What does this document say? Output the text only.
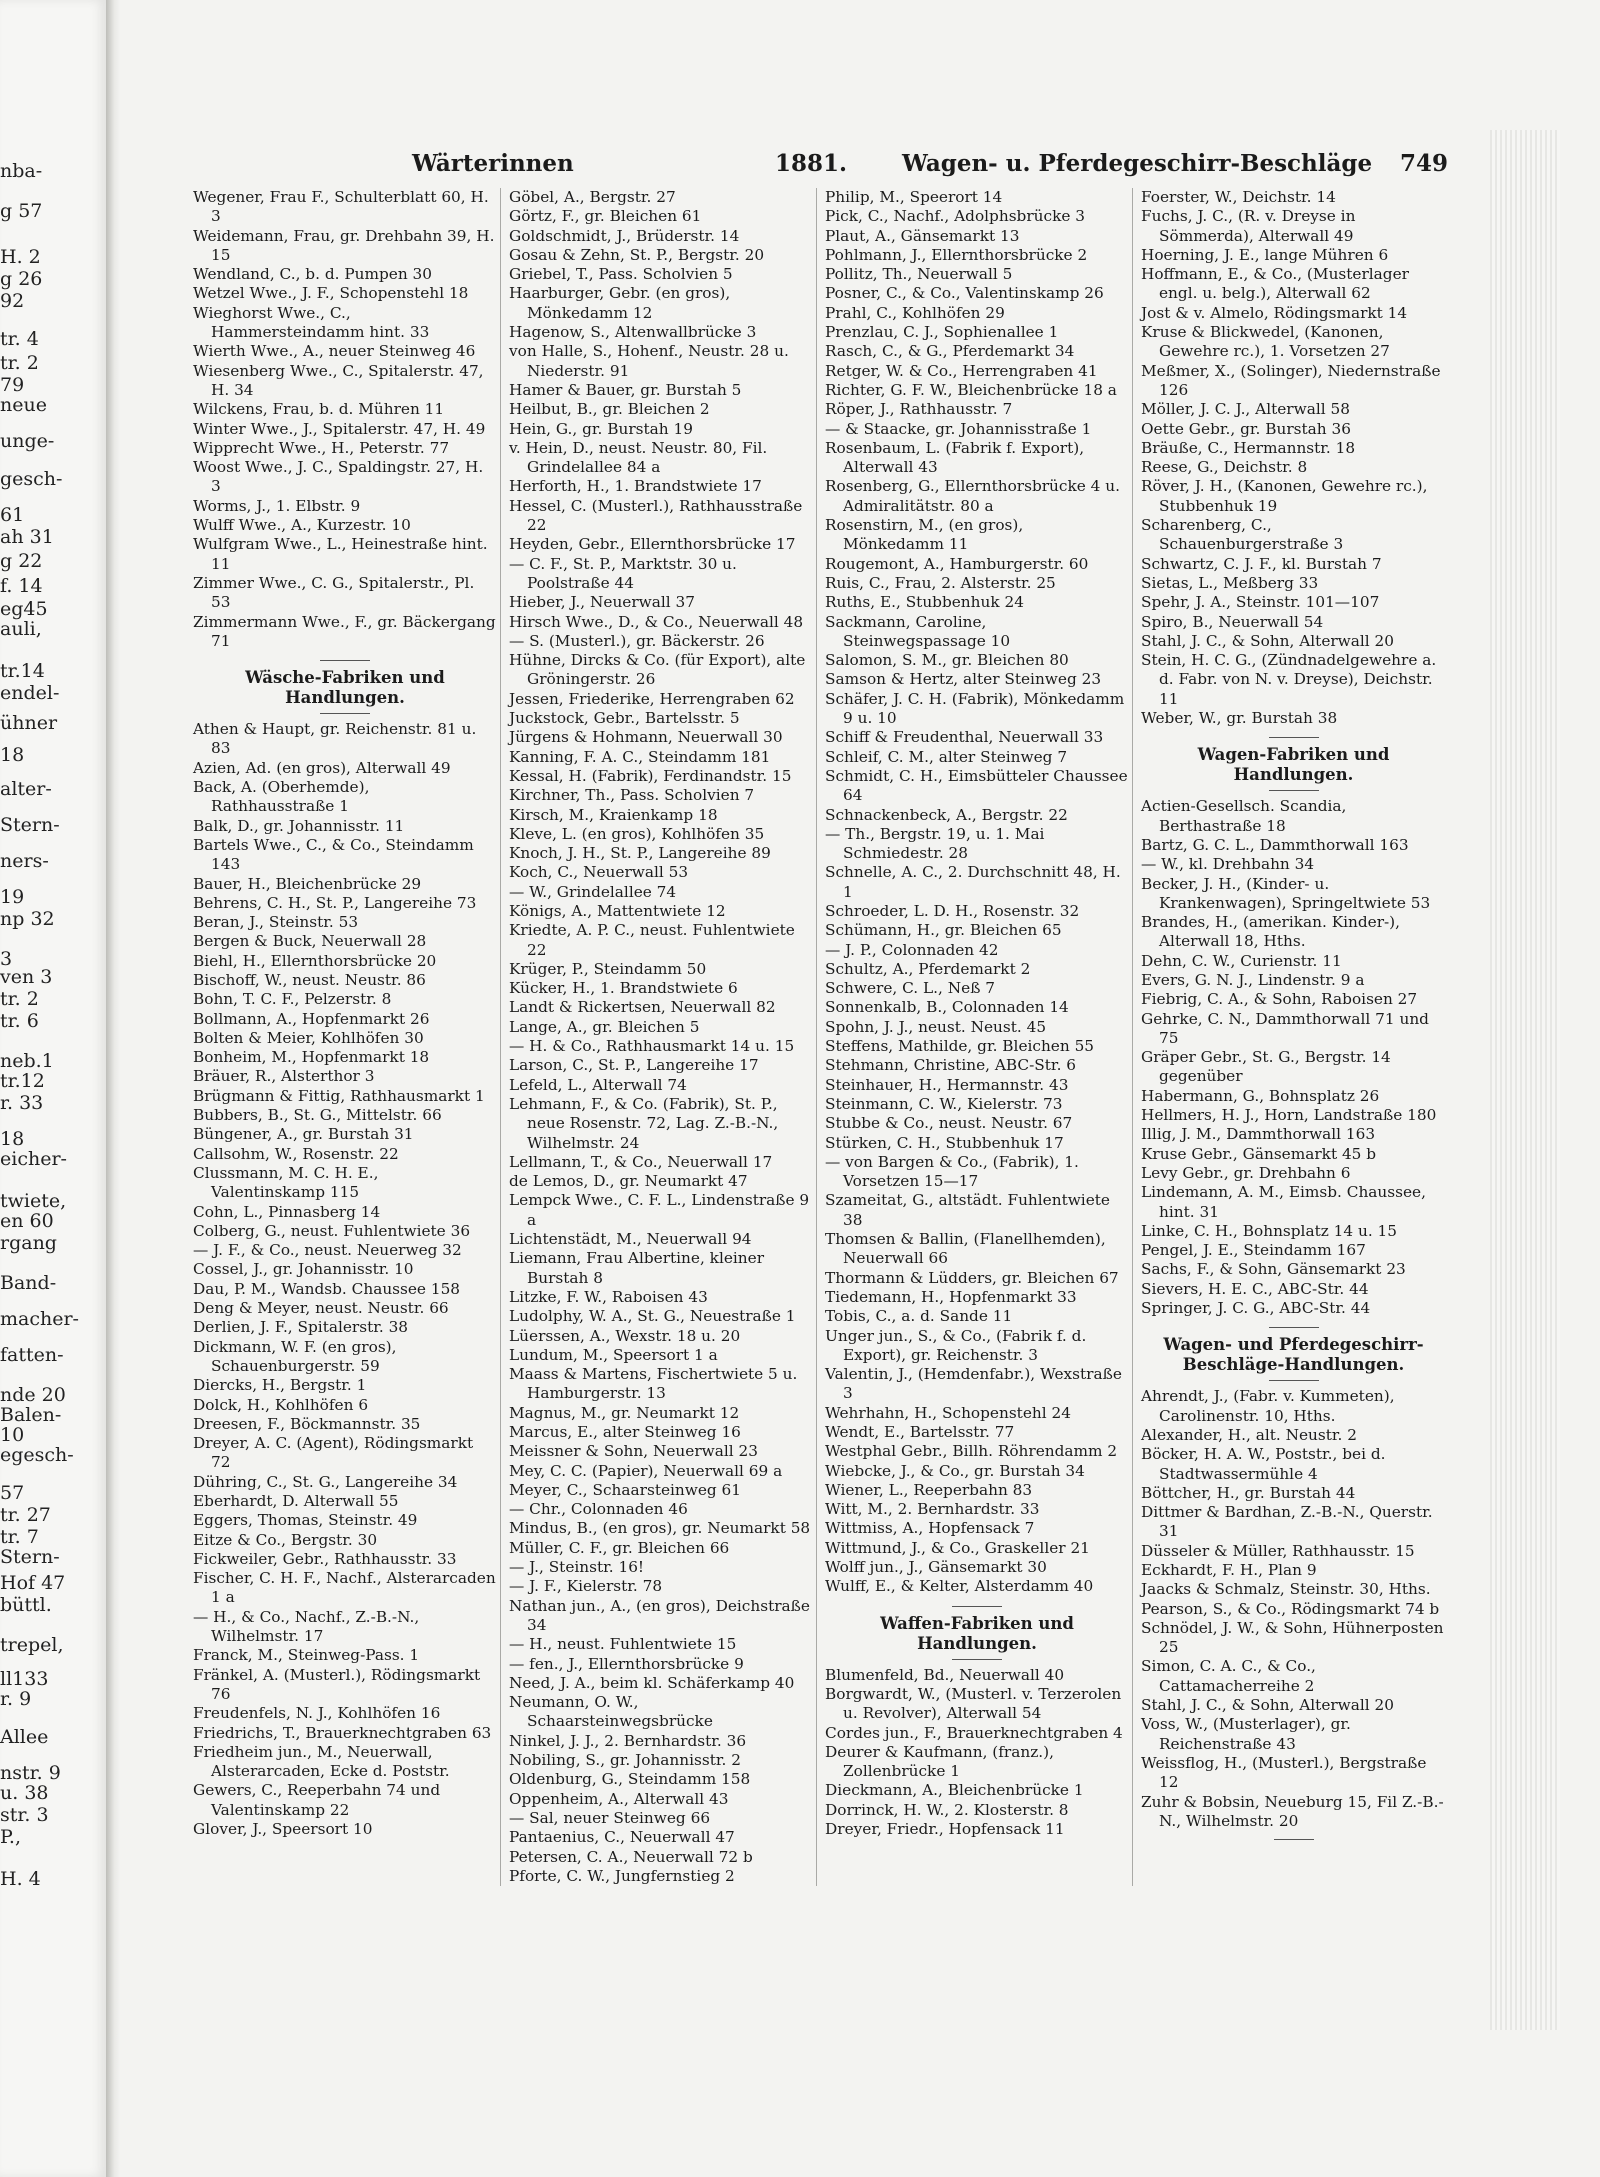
nba-
g 57
H. 2
g 26
92
tr. 4
tr. 2
79
neue
unge-
gesch-
61
ah 31
g 22
f. 14
eg45
auli,
tr.14
endel-
ühner
18
alter-
Stern-
ners-
19
np 32
3
ven 3
tr. 2
tr. 6
neb.1
tr.12
r. 33
18
eicher-
twiete,
en 60
rgang
Band-
macher-
fatten-
nde 20
Balen-
10
egesch-
57
tr. 27
tr. 7
Stern-
Hof 47
büttl.
trepel,
ll133
r. 9
Allee
nstr. 9
u. 38
str. 3
P.,
H. 4
Wärterinnen	1881. Wagen- u. Pferdegeschirr-Beschläge 749
Wegener, Frau F., Schulterblatt 60, H. 3
Weidemann, Frau, gr. Drehbahn 39, H. 15
Wendland, C., b. d. Pumpen 30
Wetzel Wwe., J. F., Schopenstehl 18
Wieghorst Wwe., C., Hammersteindamm hint. 33
Wierth Wwe., A., neuer Steinweg 46
Wiesenberg Wwe., C., Spitalerstr. 47, H. 34
Wilckens, Frau, b. d. Mühren 11
Winter Wwe., J., Spitalerstr. 47, H. 49
Wipprecht Wwe., H., Peterstr. 77
Woost Wwe., J. C., Spaldingstr. 27, H. 3
Worms, J., 1. Elbstr. 9
Wulff Wwe., A., Kurzestr. 10
Wulfgram Wwe., L., Heinestraße hint. 11
Zimmer Wwe., C. G., Spitalerstr., Pl. 53
Zimmermann Wwe., F., gr. Bäckergang 71
Wäsche-Fabriken und Handlungen.
Athen & Haupt, gr. Reichenstr. 81 u. 83
Azien, Ad. (en gros), Alterwall 49
Back, A. (Oberhemde), Rathhausstraße 1
Balk, D., gr. Johannisstr. 11
Bartels Wwe., C., & Co., Steindamm 143
Bauer, H., Bleichenbrücke 29
Behrens, C. H., St. P., Langereihe 73
Beran, J., Steinstr. 53
Bergen & Buck, Neuerwall 28
Biehl, H., Ellernthorsbrücke 20
Bischoff, W., neust. Neustr. 86
Bohn, T. C. F., Pelzerstr. 8
Bollmann, A., Hopfenmarkt 26
Bolten & Meier, Kohlhöfen 30
Bonheim, M., Hopfenmarkt 18
Bräuer, R., Alsterthor 3
Brügmann & Fittig, Rathhausmarkt 1
Bubbers, B., St. G., Mittelstr. 66
Büngener, A., gr. Burstah 31
Callsohm, W., Rosenstr. 22
Clussmann, M. C. H. E., Valentinskamp 115
Cohn, L., Pinnasberg 14
Colberg, G., neust. Fuhlentwiete 36
— J. F., & Co., neust. Neuerweg 32
Cossel, J., gr. Johannisstr. 10
Dau, P. M., Wandsb. Chaussee 158
Deng & Meyer, neust. Neustr. 66
Derlien, J. F., Spitalerstr. 38
Dickmann, W. F. (en gros), Schauenburgerstr. 59
Diercks, H., Bergstr. 1
Dolck, H., Kohlhöfen 6
Dreesen, F., Böckmannstr. 35
Dreyer, A. C. (Agent), Rödingsmarkt 72
Dühring, C., St. G., Langereihe 34
Eberhardt, D. Alterwall 55
Eggers, Thomas, Steinstr. 49
Eitze & Co., Bergstr. 30
Fickweiler, Gebr., Rathhausstr. 33
Fischer, C. H. F., Nachf., Alsterarcaden 1 a
— H., & Co., Nachf., Z.-B.-N., Wilhelmstr. 17
Franck, M., Steinweg-Pass. 1
Fränkel, A. (Musterl.), Rödingsmarkt 76
Freudenfels, N. J., Kohlhöfen 16
Friedrichs, T., Brauerknechtgraben 63
Friedheim jun., M., Neuerwall, Alsterarcaden, Ecke d. Poststr.
Gewers, C., Reeperbahn 74 und Valentinskamp 22
Glover, J., Speersort 10
Göbel, A., Bergstr. 27
Görtz, F., gr. Bleichen 61
Goldschmidt, J., Brüderstr. 14
Gosau & Zehn, St. P., Bergstr. 20
Griebel, T., Pass. Scholvien 5
Haarburger, Gebr. (en gros), Mönkedamm 12
Hagenow, S., Altenwallbrücke 3
von Halle, S., Hohenf., Neustr. 28 u. Niederstr. 91
Hamer & Bauer, gr. Burstah 5
Heilbut, B., gr. Bleichen 2
Hein, G., gr. Burstah 19
v. Hein, D., neust. Neustr. 80, Fil. Grindelallee 84 a
Herforth, H., 1. Brandstwiete 17
Hessel, C. (Musterl.), Rathhausstraße 22
Heyden, Gebr., Ellernthorsbrücke 17
— C. F., St. P., Marktstr. 30 u. Poolstraße 44
Hieber, J., Neuerwall 37
Hirsch Wwe., D., & Co., Neuerwall 48
— S. (Musterl.), gr. Bäckerstr. 26
Hühne, Dircks & Co. (für Export), alte Gröningerstr. 26
Jessen, Friederike, Herrengraben 62
Juckstock, Gebr., Bartelsstr. 5
Jürgens & Hohmann, Neuerwall 30
Kanning, F. A. C., Steindamm 181
Kessal, H. (Fabrik), Ferdinandstr. 15
Kirchner, Th., Pass. Scholvien 7
Kirsch, M., Kraienkamp 18
Kleve, L. (en gros), Kohlhöfen 35
Knoch, J. H., St. P., Langereihe 89
Koch, C., Neuerwall 53
— W., Grindelallee 74
Königs, A., Mattentwiete 12
Kriedte, A. P. C., neust. Fuhlentwiete 22
Krüger, P., Steindamm 50
Kücker, H., 1. Brandstwiete 6
Landt & Rickertsen, Neuerwall 82
Lange, A., gr. Bleichen 5
— H. & Co., Rathhausmarkt 14 u. 15
Larson, C., St. P., Langereihe 17
Lefeld, L., Alterwall 74
Lehmann, F., & Co. (Fabrik), St. P., neue Rosenstr. 72, Lag. Z.-B.-N., Wilhelmstr. 24
Lellmann, T., & Co., Neuerwall 17
de Lemos, D., gr. Neumarkt 47
Lempck Wwe., C. F. L., Lindenstraße 9 a
Lichtenstädt, M., Neuerwall 94
Liemann, Frau Albertine, kleiner Burstah 8
Litzke, F. W., Raboisen 43
Ludolphy, W. A., St. G., Neuestraße 1
Lüerssen, A., Wexstr. 18 u. 20
Lundum, M., Speersort 1 a
Maass & Martens, Fischertwiete 5 u. Hamburgerstr. 13
Magnus, M., gr. Neumarkt 12
Marcus, E., alter Steinweg 16
Meissner & Sohn, Neuerwall 23
Mey, C. C. (Papier), Neuerwall 69 a
Meyer, C., Schaarsteinweg 61
— Chr., Colonnaden 46
Mindus, B., (en gros), gr. Neumarkt 58
Müller, C. F., gr. Bleichen 66
— J., Steinstr. 16!
— J. F., Kielerstr. 78
Nathan jun., A., (en gros), Deichstraße 34
— H., neust. Fuhlentwiete 15
— fen., J., Ellernthorsbrücke 9
Need, J. A., beim kl. Schäferkamp 40
Neumann, O. W., Schaarsteinwegsbrücke
Ninkel, J. J., 2. Bernhardstr. 36
Nobiling, S., gr. Johannisstr. 2
Oldenburg, G., Steindamm 158
Oppenheim, A., Alterwall 43
— Sal, neuer Steinweg 66
Pantaenius, C., Neuerwall 47
Petersen, C. A., Neuerwall 72 b
Pforte, C. W., Jungfernstieg 2
Philip, M., Speerort 14
Pick, C., Nachf., Adolphsbrücke 3
Plaut, A., Gänsemarkt 13
Pohlmann, J., Ellernthorsbrücke 2
Pollitz, Th., Neuerwall 5
Posner, C., & Co., Valentinskamp 26
Prahl, C., Kohlhöfen 29
Prenzlau, C. J., Sophienallee 1
Rasch, C., & G., Pferdemarkt 34
Retger, W. & Co., Herrengraben 41
Richter, G. F. W., Bleichenbrücke 18 a
Röper, J., Rathhausstr. 7
— & Staacke, gr. Johannisstraße 1
Rosenbaum, L. (Fabrik f. Export), Alterwall 43
Rosenberg, G., Ellernthorsbrücke 4 u. Admiralitätstr. 80 a
Rosenstirn, M., (en gros), Mönkedamm 11
Rougemont, A., Hamburgerstr. 60
Ruis, C., Frau, 2. Alsterstr. 25
Ruths, E., Stubbenhuk 24
Sackmann, Caroline, Steinwegspassage 10
Salomon, S. M., gr. Bleichen 80
Samson & Hertz, alter Steinweg 23
Schäfer, J. C. H. (Fabrik), Mönkedamm 9 u. 10
Schiff & Freudenthal, Neuerwall 33
Schleif, C. M., alter Steinweg 7
Schmidt, C. H., Eimsbütteler Chaussee 64
Schnackenbeck, A., Bergstr. 22
— Th., Bergstr. 19, u. 1. Mai Schmiedestr. 28
Schnelle, A. C., 2. Durchschnitt 48, H. 1
Schroeder, L. D. H., Rosenstr. 32
Schümann, H., gr. Bleichen 65
— J. P., Colonnaden 42
Schultz, A., Pferdemarkt 2
Schwere, C. L., Neß 7
Sonnenkalb, B., Colonnaden 14
Spohn, J. J., neust. Neust. 45
Steffens, Mathilde, gr. Bleichen 55
Stehmann, Christine, ABC-Str. 6
Steinhauer, H., Hermannstr. 43
Steinmann, C. W., Kielerstr. 73
Stubbe & Co., neust. Neustr. 67
Stürken, C. H., Stubbenhuk 17
— von Bargen & Co., (Fabrik), 1. Vorsetzen 15—17
Szameitat, G., altstädt. Fuhlentwiete 38
Thomsen & Ballin, (Flanellhemden), Neuerwall 66
Thormann & Lüdders, gr. Bleichen 67
Tiedemann, H., Hopfenmarkt 33
Tobis, C., a. d. Sande 11
Unger jun., S., & Co., (Fabrik f. d. Export), gr. Reichenstr. 3
Valentin, J., (Hemdenfabr.), Wexstraße 3
Wehrhahn, H., Schopenstehl 24
Wendt, E., Bartelsstr. 77
Westphal Gebr., Billh. Röhrendamm 2
Wiebcke, J., & Co., gr. Burstah 34
Wiener, L., Reeperbahn 83
Witt, M., 2. Bernhardstr. 33
Wittmiss, A., Hopfensack 7
Wittmund, J., & Co., Graskeller 21
Wolff jun., J., Gänsemarkt 30
Wulff, E., & Kelter, Alsterdamm 40
Waffen-Fabriken und Handlungen.
Blumenfeld, Bd., Neuerwall 40
Borgwardt, W., (Musterl. v. Terzerolen u. Revolver), Alterwall 54
Cordes jun., F., Brauerknechtgraben 4
Deurer & Kaufmann, (franz.), Zollenbrücke 1
Dieckmann, A., Bleichenbrücke 1
Dorrinck, H. W., 2. Klosterstr. 8
Dreyer, Friedr., Hopfensack 11
Foerster, W., Deichstr. 14
Fuchs, J. C., (R. v. Dreyse in Sömmerda), Alterwall 49
Hoerning, J. E., lange Mühren 6
Hoffmann, E., & Co., (Musterlager engl. u. belg.), Alterwall 62
Jost & v. Almelo, Rödingsmarkt 14
Kruse & Blickwedel, (Kanonen, Gewehre rc.), 1. Vorsetzen 27
Meßmer, X., (Solinger), Niedernstraße 126
Möller, J. C. J., Alterwall 58
Oette Gebr., gr. Burstah 36
Bräuße, C., Hermannstr. 18
Reese, G., Deichstr. 8
Röver, J. H., (Kanonen, Gewehre rc.), Stubbenhuk 19
Scharenberg, C., Schauenburgerstraße 3
Schwartz, C. J. F., kl. Burstah 7
Sietas, L., Meßberg 33
Spehr, J. A., Steinstr. 101—107
Spiro, B., Neuerwall 54
Stahl, J. C., & Sohn, Alterwall 20
Stein, H. C. G., (Zündnadelgewehre a. d. Fabr. von N. v. Dreyse), Deichstr. 11
Weber, W., gr. Burstah 38
Wagen-Fabriken und Handlungen.
Actien-Gesellsch. Scandia, Berthastraße 18
Bartz, G. C. L., Dammthorwall 163
— W., kl. Drehbahn 34
Becker, J. H., (Kinder- u. Krankenwagen), Springeltwiete 53
Brandes, H., (amerikan. Kinder-), Alterwall 18, Hths.
Dehn, C. W., Curienstr. 11
Evers, G. N. J., Lindenstr. 9 a
Fiebrig, C. A., & Sohn, Raboisen 27
Gehrke, C. N., Dammthorwall 71 und 75
Gräper Gebr., St. G., Bergstr. 14 gegenüber
Habermann, G., Bohnsplatz 26
Hellmers, H. J., Horn, Landstraße 180
Illig, J. M., Dammthorwall 163
Kruse Gebr., Gänsemarkt 45 b
Levy Gebr., gr. Drehbahn 6
Lindemann, A. M., Eimsb. Chaussee, hint. 31
Linke, C. H., Bohnsplatz 14 u. 15
Pengel, J. E., Steindamm 167
Sachs, F., & Sohn, Gänsemarkt 23
Sievers, H. E. C., ABC-Str. 44
Springer, J. C. G., ABC-Str. 44
Wagen- und Pferdegeschirr-Beschläge-Handlungen.
Ahrendt, J., (Fabr. v. Kummeten), Carolinenstr. 10, Hths.
Alexander, H., alt. Neustr. 2
Böcker, H. A. W., Poststr., bei d. Stadtwassermühle 4
Böttcher, H., gr. Burstah 44
Dittmer & Bardhan, Z.-B.-N., Querstr. 31
Düsseler & Müller, Rathhausstr. 15
Eckhardt, F. H., Plan 9
Jaacks & Schmalz, Steinstr. 30, Hths.
Pearson, S., & Co., Rödingsmarkt 74 b
Schnödel, J. W., & Sohn, Hühnerposten 25
Simon, C. A. C., & Co., Cattamacherreihe 2
Stahl, J. C., & Sohn, Alterwall 20
Voss, W., (Musterlager), gr. Reichenstraße 43
Weissflog, H., (Musterl.), Bergstraße 12
Zuhr & Bobsin, Neueburg 15, Fil Z.-B.-N., Wilhelmstr. 20
